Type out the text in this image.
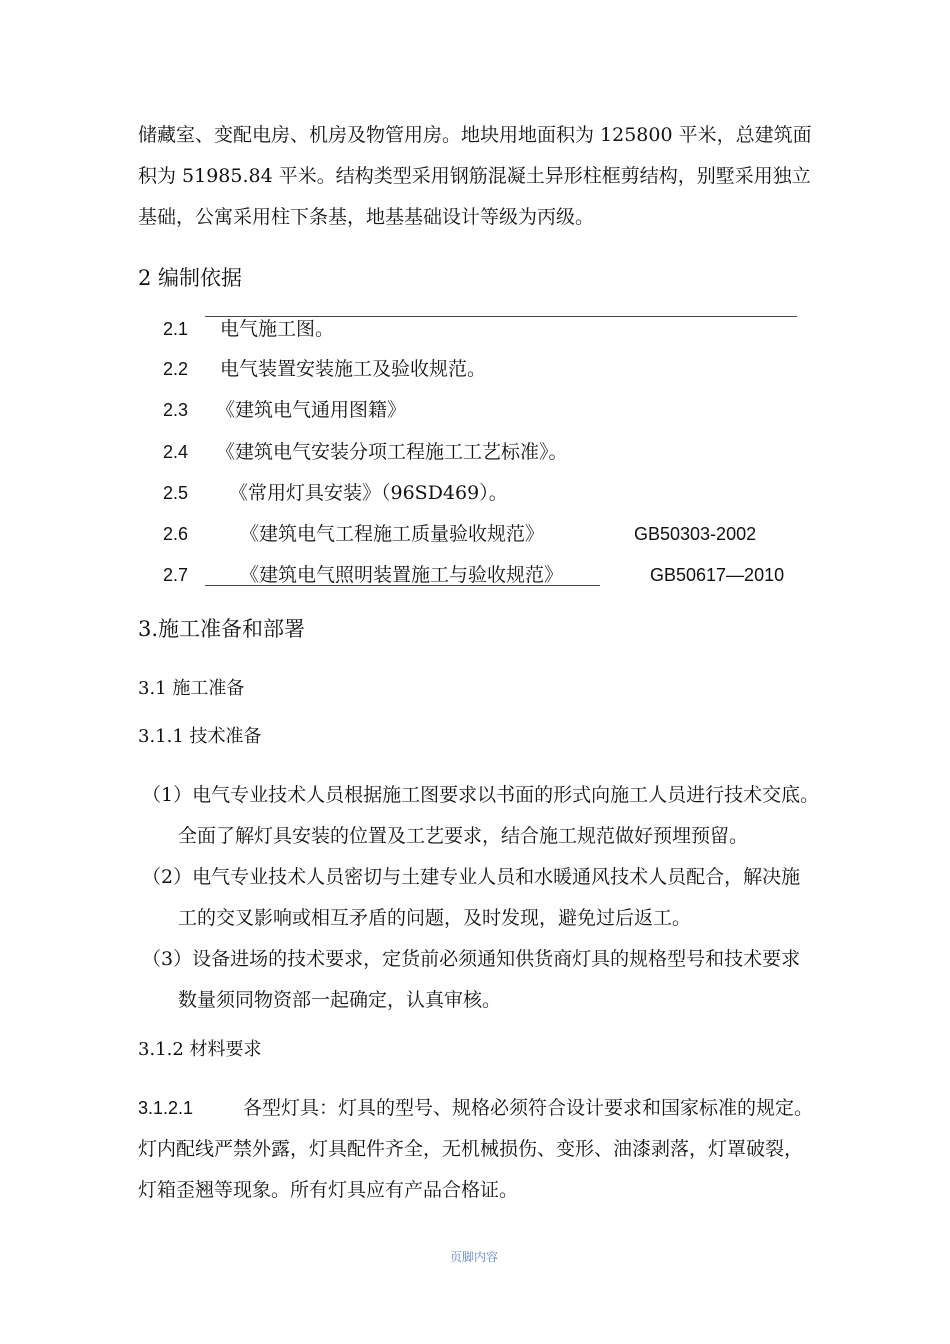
储藏室、变配电房、机房及物管用房。地块用地面积为 125800 平米，总建筑面
积为 51985.84 平米。结构类型采用钢筋混凝土异形柱框剪结构，别墅采用独立
基础，公寓采用柱下条基，地基基础设计等级为丙级。
2 编制依据
2.1 电气施工图。
2.2 电气装置安装施工及验收规范。
2.3 《建筑电气通用图籍》
2.4 《建筑电气安装分项工程施工工艺标准》。
2.5 《常用灯具安装》（96SD469）。
2.6	《建筑电气工程施工质量验收规范》	GB50303-2002
2.7	《建筑电气照明装置施工与验收规范》	GB50617—2010
3.施工准备和部署
3.1 施工准备
3.1.1 技术准备
（1）电气专业技术人员根据施工图要求以书面的形式向施工人员进行技术交底。
全面了解灯具安装的位置及工艺要求，结合施工规范做好预埋预留。
（2）电气专业技术人员密切与土建专业人员和水暖通风技术人员配合，解决施
工的交叉影响或相互矛盾的问题，及时发现，避免过后返工。
（3）设备进场的技术要求，定货前必须通知供货商灯具的规格型号和技术要求
数量须同物资部一起确定，认真审核。
3.1.2 材料要求
3.1.2.1	各型灯具：灯具的型号、规格必须符合设计要求和国家标准的规定。
灯内配线严禁外露，灯具配件齐全，无机械损伤、变形、油漆剥落，灯罩破裂，
灯箱歪翘等现象。所有灯具应有产品合格证。
页脚内容
